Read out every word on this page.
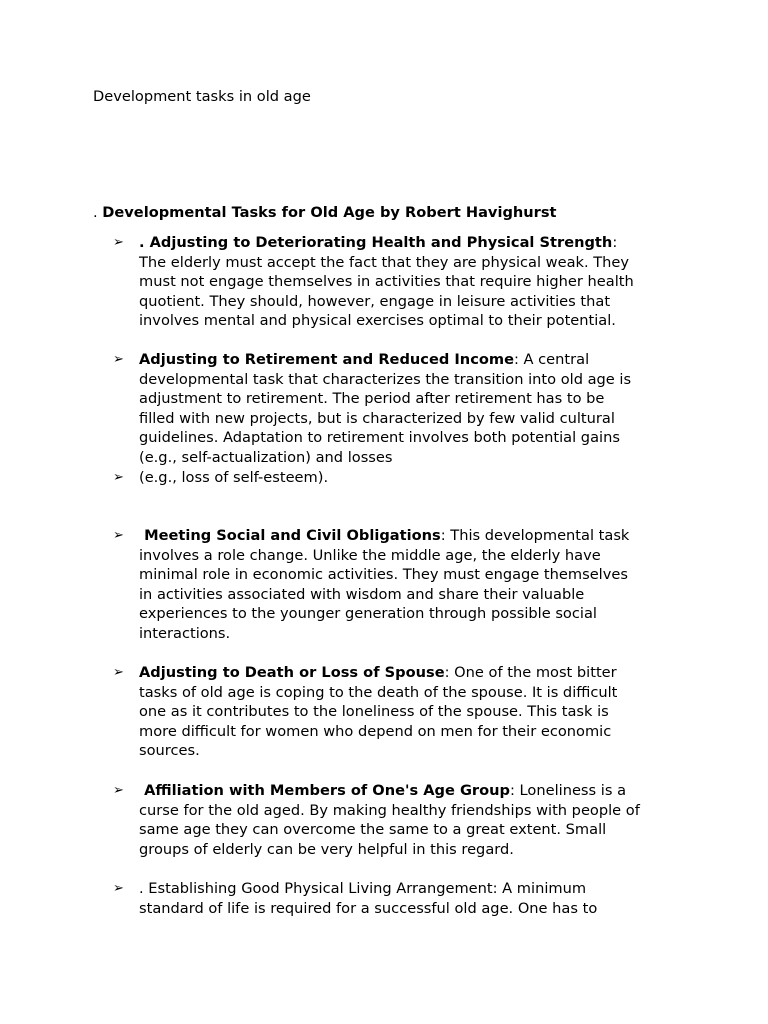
Development tasks in old age
. Developmental Tasks for Old Age by Robert Havighurst
➢	. Adjusting to Deteriorating Health and Physical Strength:
The elderly must accept the fact that they are physical weak. They
must not engage themselves in activities that require higher health
quotient. They should, however, engage in leisure activities that
involves mental and physical exercises optimal to their potential.
➢	Adjusting to Retirement and Reduced Income: A central
developmental task that characterizes the transition into old age is
adjustment to retirement. The period after retirement has to be
filled with new projects, but is characterized by few valid cultural
guidelines. Adaptation to retirement involves both potential gains
(e.g., self-actualization) and losses
➢	(e.g., loss of self-esteem).
➢	Meeting Social and Civil Obligations: This developmental task
involves a role change. Unlike the middle age, the elderly have
minimal role in economic activities. They must engage themselves
in activities associated with wisdom and share their valuable
experiences to the younger generation through possible social
interactions.
➢	Adjusting to Death or Loss of Spouse: One of the most bitter
tasks of old age is coping to the death of the spouse. It is difficult
one as it contributes to the loneliness of the spouse. This task is
more difficult for women who depend on men for their economic
sources.
➢	Affiliation with Members of One's Age Group: Loneliness is a
curse for the old aged. By making healthy friendships with people of
same age they can overcome the same to a great extent. Small
groups of elderly can be very helpful in this regard.
➢	. Establishing Good Physical Living Arrangement: A minimum
standard of life is required for a successful old age. One has to
